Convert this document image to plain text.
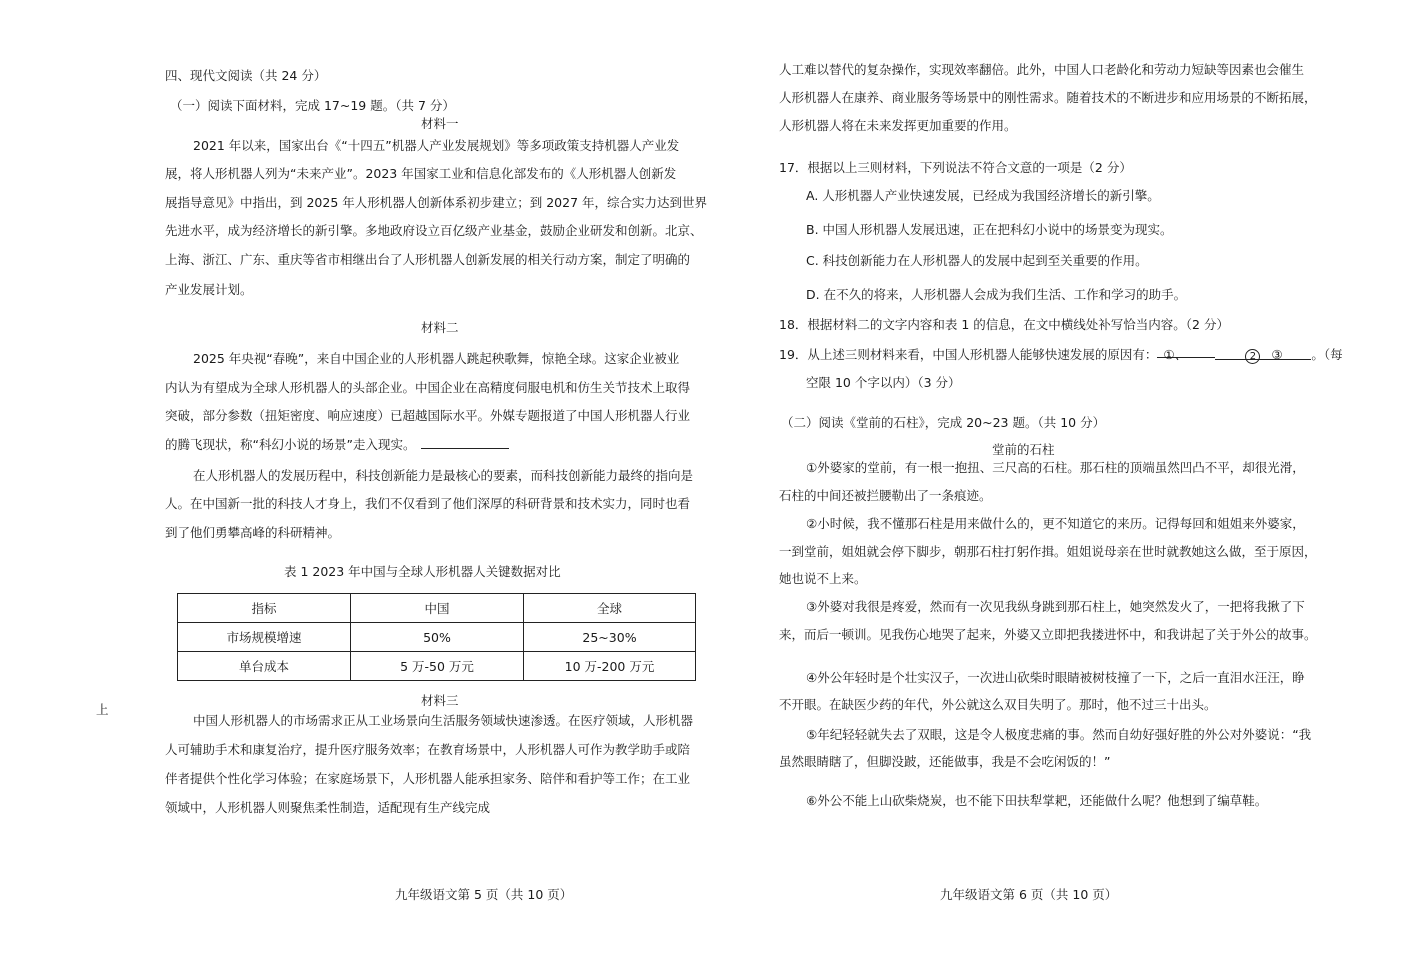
上
四、现代文阅读（共 24 分）
（一）阅读下面材料，完成 17~19 题。（共 7 分）
材料一
2021 年以来，国家出台《“十四五”机器人产业发展规划》等多项政策支持机器人产业发
展，将人形机器人列为“未来产业”。2023 年国家工业和信息化部发布的《人形机器人创新发
展指导意见》中指出，到 2025 年人形机器人创新体系初步建立；到 2027 年，综合实力达到世界
先进水平，成为经济增长的新引擎。多地政府设立百亿级产业基金，鼓励企业研发和创新。北京、
上海、浙江、广东、重庆等省市相继出台了人形机器人创新发展的相关行动方案，制定了明确的
产业发展计划。
材料二
2025 年央视“春晚”，来自中国企业的人形机器人跳起秧歌舞，惊艳全球。这家企业被业
内认为有望成为全球人形机器人的头部企业。中国企业在高精度伺服电机和仿生关节技术上取得
突破，部分参数（扭矩密度、响应速度）已超越国际水平。外媒专题报道了中国人形机器人行业
的腾飞现状，称“科幻小说的场景”走入现实。
在人形机器人的发展历程中，科技创新能力是最核心的要素，而科技创新能力最终的指向是
人。在中国新一批的科技人才身上，我们不仅看到了他们深厚的科研背景和技术实力，同时也看
到了他们勇攀高峰的科研精神。
表 1 2023 年中国与全球人形机器人关键数据对比
指标	中国	全球
市场规模增速	50%	25~30%
单台成本	5 万-50 万元	10 万-200 万元
材料三
中国人形机器人的市场需求正从工业场景向生活服务领域快速渗透。在医疗领域，人形机器
人可辅助手术和康复治疗，提升医疗服务效率；在教育场景中，人形机器人可作为教学助手或陪
伴者提供个性化学习体验；在家庭场景下，人形机器人能承担家务、陪伴和看护等工作；在工业
领域中，人形机器人则聚焦柔性制造，适配现有生产线完成
九年级语文第 5 页（共 10 页）
人工难以替代的复杂操作，实现效率翻倍。此外，中国人口老龄化和劳动力短缺等因素也会催生
人形机器人在康养、商业服务等场景中的刚性需求。随着技术的不断进步和应用场景的不断拓展，
人形机器人将在未来发挥更加重要的作用。
17．根据以上三则材料，下列说法不符合文意的一项是（2 分）
A. 人形机器人产业快速发展，已经成为我国经济增长的新引擎。
B. 中国人形机器人发展迅速，正在把科幻小说中的场景变为现实。
C. 科技创新能力在人形机器人的发展中起到至关重要的作用。
D. 在不久的将来，人形机器人会成为我们生活、工作和学习的助手。
18．根据材料二的文字内容和表 1 的信息，在文中横线处补写恰当内容。（2 分）
19．从上述三则材料来看，中国人形机器人能够快速发展的原因有： ①、	2 ③ 。（每
空限 10 个字以内）（3 分）
（二）阅读《堂前的石柱》，完成 20~23 题。（共 10 分）
堂前的石柱
①外婆家的堂前，有一根一抱扭、三尺高的石柱。那石柱的顶端虽然凹凸不平，却很光滑，
石柱的中间还被拦腰勒出了一条痕迹。
②小时候，我不懂那石柱是用来做什么的，更不知道它的来历。记得每回和姐姐来外婆家，
一到堂前，姐姐就会停下脚步，朝那石柱打躬作揖。姐姐说母亲在世时就教她这么做，至于原因，
她也说不上来。
③外婆对我很是疼爱，然而有一次见我纵身跳到那石柱上，她突然发火了，一把将我揪了下
来，而后一顿训。见我伤心地哭了起来，外婆又立即把我搂进怀中，和我讲起了关于外公的故事。
④外公年轻时是个壮实汉子，一次进山砍柴时眼睛被树枝撞了一下，之后一直泪水汪汪，睁
不开眼。在缺医少药的年代，外公就这么双目失明了。那时，他不过三十出头。
⑤年纪轻轻就失去了双眼，这是令人极度悲痛的事。然而自幼好强好胜的外公对外婆说：“我
虽然眼睛瞎了，但脚没跛，还能做事，我是不会吃闲饭的！”
⑥外公不能上山砍柴烧炭，也不能下田扶犁掌耙，还能做什么呢？他想到了编草鞋。
九年级语文第 6 页（共 10 页）
